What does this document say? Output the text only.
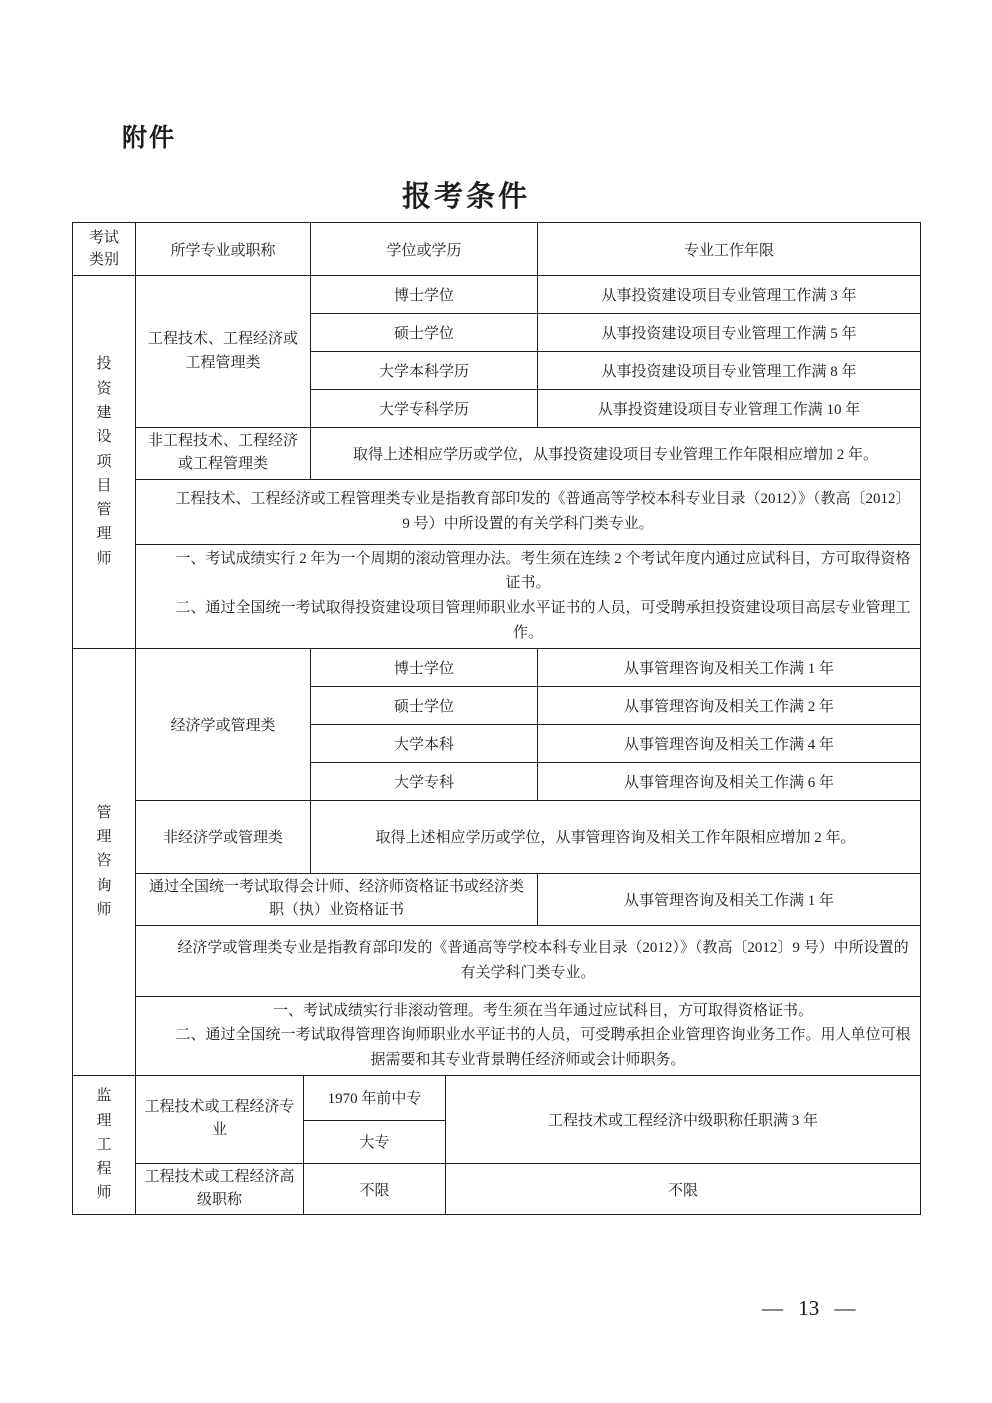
附件
报考条件
考试类别	所学专业或职称		学位或学历		专业工作年限

投资建设项目管理师	工程技术、工程经济或工程管理类		博士学位		从事投资建设项目专业管理工作满 3 年
			硕士学位		从事投资建设项目专业管理工作满 5 年
			大学本科学历		从事投资建设项目专业管理工作满 8 年
			大学专科学历		从事投资建设项目专业管理工作满 10 年
	非工程技术、工程经济或工程管理类		取得上述相应学历或学位，从事投资建设项目专业管理工作年限相应增加 2 年。		

	工程技术、工程经济或工程管理类专业是指教育部印发的《普通高等学校本科专业目录（2012）》（教高〔2012〕9 号）中所设置的有关学科门类专业。				

	一、考试成绩实行 2 年为一个周期的滚动管理办法。考生须在连续 2 个考试年度内通过应试科目，方可取得资格证书。

二、通过全国统一考试取得投资建设项目管理师职业水平证书的人员，可受聘承担投资建设项目高层专业管理工作。				

管理咨询师	经济学或管理类		博士学位		从事管理咨询及相关工作满 1 年
			硕士学位		从事管理咨询及相关工作满 2 年
			大学本科		从事管理咨询及相关工作满 4 年
			大学专科		从事管理咨询及相关工作满 6 年
	非经济学或管理类		取得上述相应学历或学位，从事管理咨询及相关工作年限相应增加 2 年。		
	通过全国统一考试取得会计师、经济师资格证书或经济类职（执）业资格证书				从事管理咨询及相关工作满 1 年

	经济学或管理类专业是指教育部印发的《普通高等学校本科专业目录（2012）》（教高〔2012〕9 号）中所设置的有关学科门类专业。				

	一、考试成绩实行非滚动管理。考生须在当年通过应试科目，方可取得资格证书。

二、通过全国统一考试取得管理咨询师职业水平证书的人员，可受聘承担企业管理咨询业务工作。用人单位可根据需要和其专业背景聘任经济师或会计师职务。				

监理工程师	工程技术或工程经济专业	1970 年前中专		工程技术或工程经济中级职称任职满 3 年	
		大专			
	工程技术或工程经济高级职称	不限		不限	
— 13 —
